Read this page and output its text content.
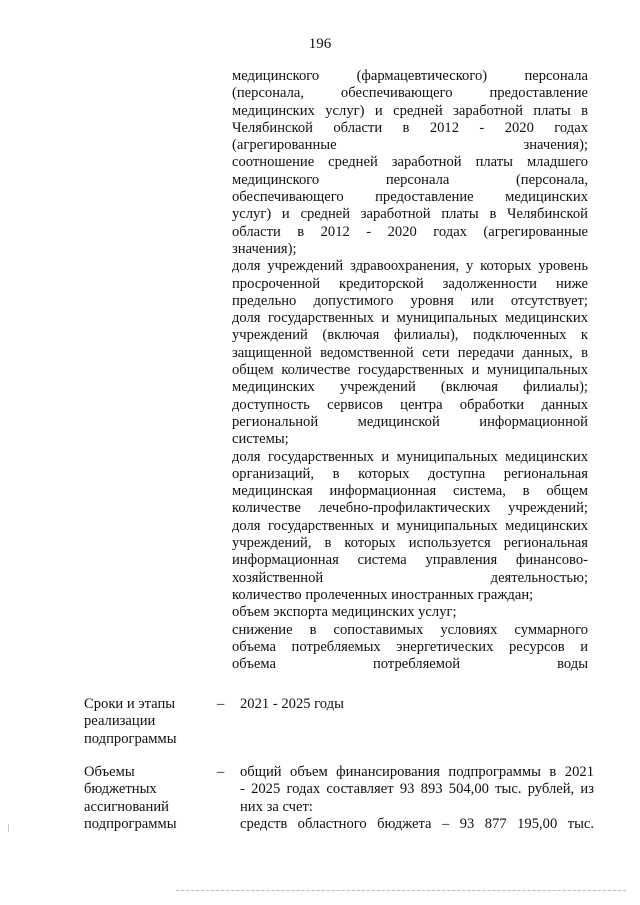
196
медицинского (фармацевтического) персонала
(персонала, обеспечивающего предоставление
медицинских услуг) и средней заработной платы в
Челябинской области в 2012 - 2020 годах
(агрегированные значения);
соотношение средней заработной платы младшего
медицинского персонала (персонала,
обеспечивающего предоставление медицинских
услуг) и средней заработной платы в Челябинской
области в 2012 - 2020 годах (агрегированные
значения);
доля учреждений здравоохранения, у которых уровень
просроченной кредиторской задолженности ниже
предельно допустимого уровня или отсутствует;
доля государственных и муниципальных медицинских
учреждений (включая филиалы), подключенных к
защищенной ведомственной сети передачи данных, в
общем количестве государственных и муниципальных
медицинских учреждений (включая филиалы);
доступность сервисов центра обработки данных
региональной медицинской информационной
системы;
доля государственных и муниципальных медицинских
организаций, в которых доступна региональная
медицинская информационная система, в общем
количестве лечебно-профилактических учреждений;
доля государственных и муниципальных медицинских
учреждений, в которых используется региональная
информационная система управления финансово-
хозяйственной деятельностью;
количество пролеченных иностранных граждан;
объем экспорта медицинских услуг;
снижение в сопоставимых условиях суммарного
объема потребляемых энергетических ресурсов и
объема потребляемой воды
Сроки и этапы
реализации
подпрограммы
– 2021 - 2025 годы
Объемы
бюджетных
ассигнований
подпрограммы
– общий объем финансирования подпрограммы в 2021
- 2025 годах составляет 93 893 504,00 тыс. рублей, из
них за счет:
средств областного бюджета – 93 877 195,00 тыс.
